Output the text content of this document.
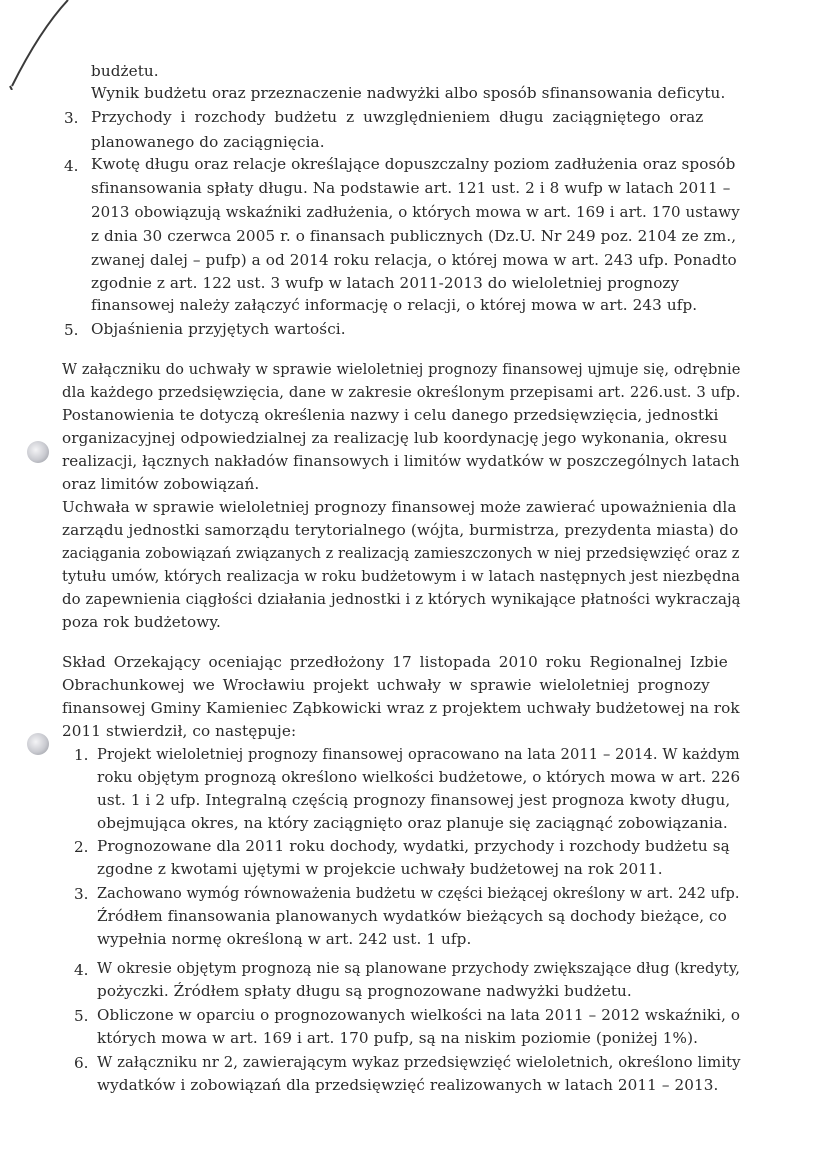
budżetu.
Wynik budżetu oraz przeznaczenie nadwyżki albo sposób sfinansowania deficytu.
3. Przychody i rozchody budżetu z uwzględnieniem długu zaciągniętego oraz
planowanego do zaciągnięcia.
4. Kwotę długu oraz relacje określające dopuszczalny poziom zadłużenia oraz sposób
sfinansowania spłaty długu. Na podstawie art. 121 ust. 2 i 8 wufp w latach 2011 –
2013 obowiązują wskaźniki zadłużenia, o których mowa w art. 169 i art. 170 ustawy
z dnia 30 czerwca 2005 r. o finansach publicznych (Dz.U. Nr 249 poz. 2104 ze zm.,
zwanej dalej – pufp) a od 2014 roku relacja, o której mowa w art. 243 ufp. Ponadto
zgodnie z art. 122 ust. 3 wufp w latach 2011-2013 do wieloletniej prognozy
finansowej należy załączyć informację o relacji, o której mowa w art. 243 ufp.
5. Objaśnienia przyjętych wartości.
W załączniku do uchwały w sprawie wieloletniej prognozy finansowej ujmuje się, odrębnie
dla każdego przedsięwzięcia, dane w zakresie określonym przepisami art. 226.ust. 3 ufp.
Postanowienia te dotyczą określenia nazwy i celu danego przedsięwzięcia, jednostki
organizacyjnej odpowiedzialnej za realizację lub koordynację jego wykonania, okresu
realizacji, łącznych nakładów finansowych i limitów wydatków w poszczególnych latach
oraz limitów zobowiązań.
Uchwała w sprawie wieloletniej prognozy finansowej może zawierać upoważnienia dla
zarządu jednostki samorządu terytorialnego (wójta, burmistrza, prezydenta miasta) do
zaciągania zobowiązań związanych z realizacją zamieszczonych w niej przedsięwzięć oraz z
tytułu umów, których realizacja w roku budżetowym i w latach następnych jest niezbędna
do zapewnienia ciągłości działania jednostki i z których wynikające płatności wykraczają
poza rok budżetowy.
Skład Orzekający oceniając przedłożony 17 listopada 2010 roku Regionalnej Izbie
Obrachunkowej we Wrocławiu projekt uchwały w sprawie wieloletniej prognozy
finansowej Gminy Kamieniec Ząbkowicki wraz z projektem uchwały budżetowej na rok
2011 stwierdził, co następuje:
1. Projekt wieloletniej prognozy finansowej opracowano na lata 2011 – 2014. W każdym
roku objętym prognozą określono wielkości budżetowe, o których mowa w art. 226
ust. 1 i 2 ufp. Integralną częścią prognozy finansowej jest prognoza kwoty długu,
obejmująca okres, na który zaciągnięto oraz planuje się zaciągnąć zobowiązania.
2. Prognozowane dla 2011 roku dochody, wydatki, przychody i rozchody budżetu są
zgodne z kwotami ujętymi w projekcie uchwały budżetowej na rok 2011.
3. Zachowano wymóg równoważenia budżetu w części bieżącej określony w art. 242 ufp.
Źródłem finansowania planowanych wydatków bieżących są dochody bieżące, co
wypełnia normę określoną w art. 242 ust. 1 ufp.
4. W okresie objętym prognozą nie są planowane przychody zwiększające dług (kredyty,
pożyczki. Źródłem spłaty długu są prognozowane nadwyżki budżetu.
5. Obliczone w oparciu o prognozowanych wielkości na lata 2011 – 2012 wskaźniki, o
których mowa w art. 169 i art. 170 pufp, są na niskim poziomie (poniżej 1%).
6. W załączniku nr 2, zawierającym wykaz przedsięwzięć wieloletnich, określono limity
wydatków i zobowiązań dla przedsięwzięć realizowanych w latach 2011 – 2013.
